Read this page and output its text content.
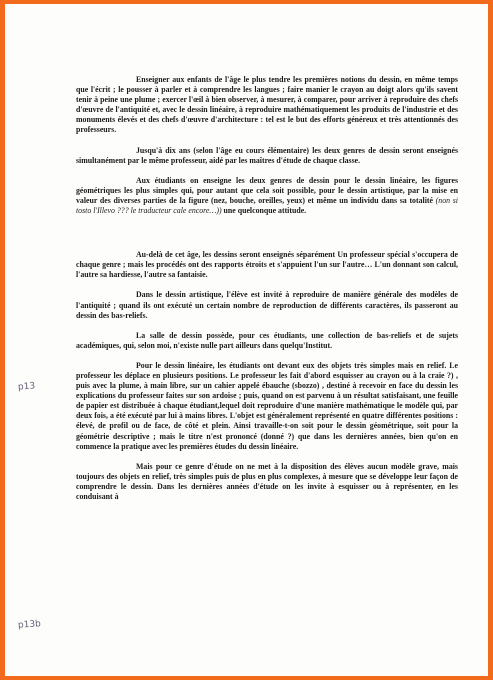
Enseigner aux enfants de l'âge le plus tendre les premières notions du dessin, en même temps que l'écrit ; le pousser à parler et à comprendre les langues ; faire manier le crayon au doigt alors qu'ils savent tenir à peine une plume ; exercer l'œil à bien observer, à mesurer, à comparer, pour arriver à reproduire des chefs d'œuvre de l'antiquité et, avec le dessin linéaire, à reproduire mathématiquement les produits de l'industrie et des monuments élevés et des chefs d'œuvre d'architecture : tel est le but des efforts généreux et très attentionnés des professeurs.

Jusqu'à dix ans (selon l'âge eu cours élémentaire) les deux genres de dessin seront enseignés simultanément par le même professeur, aidé par les maîtres d'étude de chaque classe.

Aux étudiants on enseigne les deux genres de dessin pour le dessin linéaire, les figures géométriques les plus simples qui, pour autant que cela soit possible, pour le dessin artistique, par la mise en valeur des diverses parties de la figure (nez, bouche, oreilles, yeux) et même un individu dans sa totalité (non si tosto l'Illevo ??? le traducteur cale encore…)) une quelconque attitude.

Au-delà de cet âge, les dessins seront enseignés séparément Un professeur spécial s'occupera de chaque genre ; mais les procédés ont des rapports étroits et s'appuient l'un sur l'autre… L'un donnant son calcul, l'autre sa hardiesse, l'autre sa fantaisie.

Dans le dessin artistique, l'élève est invité à reproduire de manière générale des modèles de l'antiquité ; quand ils ont exécuté un certain nombre de reproduction de différents caractères, ils passeront au dessin des bas-reliefs.

La salle de dessin possède, pour ces étudiants, une collection de bas-reliefs et de sujets académiques, qui, selon moi, n'existe nulle part ailleurs dans quelqu'Institut.

Pour le dessin linéaire, les étudiants ont devant eux des objets très simples mais en relief. Le professeur les déplace en plusieurs positions. Le professeur les fait d'abord esquisser au crayon ou à la craie ?) , puis avec la plume, à main libre, sur un cahier appelé ébauche (sbozzo) , destiné à recevoir en face du dessin les explications du professeur faites sur son ardoise ; puis, quand on est parvenu à un résultat satisfaisant, une feuille de papier est distribuée à chaque étudiant,lequel doit reproduire d'une manière mathématique le modèle qui, par deux fois, a été exécuté par lui à mains libres. L'objet est généralement représenté en quatre différentes positions : élevé, de profil ou de face, de côté et plein. Ainsi travaille-t-on soit pour le dessin géométrique, soit pour la géométrie descriptive ; mais le titre n'est prononcé (donné ?) que dans les dernières années, bien qu'on en commence la pratique avec les premières études du dessin linéaire.

Mais pour ce genre d'étude on ne met à la disposition des élèves aucun modèle grave, mais toujours des objets en relief, très simples puis de plus en plus complexes, à mesure que se développe leur façon de comprendre le dessin. Dans les dernières années d'étude on les invite à esquisser ou à représenter, en les conduisant à

p13
p13b
